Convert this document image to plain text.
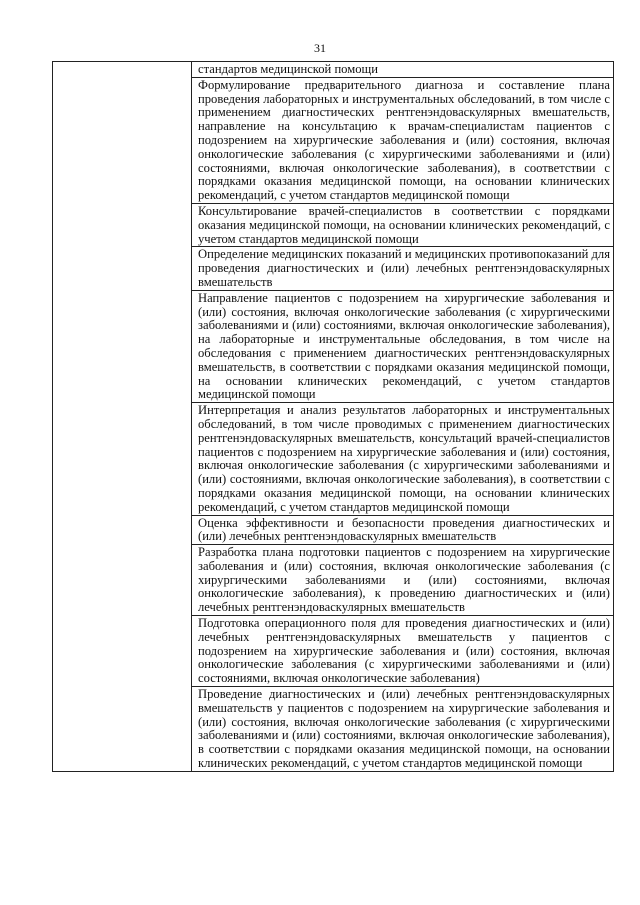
31
	стандартов медицинской помощи
Формулирование предварительного диагноза и составление плана проведения лабораторных и инструментальных обследований, в том числе с применением диагностических рентгенэндоваскулярных вмешательств, направление на консультацию к врачам-специалистам пациентов с подозрением на хирургические заболевания и (или) состояния, включая онкологические заболевания (с хирургическими заболеваниями и (или) состояниями, включая онкологические заболевания), в соответствии с порядками оказания медицинской помощи, на основании клинических рекомендаций, с учетом стандартов медицинской помощи
Консультирование врачей-специалистов в соответствии с порядками оказания медицинской помощи, на основании клинических рекомендаций, с учетом стандартов медицинской помощи
Определение медицинских показаний и медицинских противопоказаний для проведения диагностических и (или) лечебных рентгенэндоваскулярных вмешательств
Направление пациентов с подозрением на хирургические заболевания и (или) состояния, включая онкологические заболевания (с хирургическими заболеваниями и (или) состояниями, включая онкологические заболевания), на лабораторные и инструментальные обследования, в том числе на обследования с применением диагностических рентгенэндоваскулярных вмешательств, в соответствии с порядками оказания медицинской помощи, на основании клинических рекомендаций, с учетом стандартов медицинской помощи
Интерпретация и анализ результатов лабораторных и инструментальных обследований, в том числе проводимых с применением диагностических рентгенэндоваскулярных вмешательств, консультаций врачей-специалистов пациентов с подозрением на хирургические заболевания и (или) состояния, включая онкологические заболевания (с хирургическими заболеваниями и (или) состояниями, включая онкологические заболевания), в соответствии с порядками оказания медицинской помощи, на основании клинических рекомендаций, с учетом стандартов медицинской помощи
Оценка эффективности и безопасности проведения диагностических и (или) лечебных рентгенэндоваскулярных вмешательств
Разработка плана подготовки пациентов с подозрением на хирургические заболевания и (или) состояния, включая онкологические заболевания (с хирургическими заболеваниями и (или) состояниями, включая онкологические заболевания), к проведению диагностических и (или) лечебных рентгенэндоваскулярных вмешательств
Подготовка операционного поля для проведения диагностических и (или) лечебных рентгенэндоваскулярных вмешательств у пациентов с подозрением на хирургические заболевания и (или) состояния, включая онкологические заболевания (с хирургическими заболеваниями и (или) состояниями, включая онкологические заболевания)
Проведение диагностических и (или) лечебных рентгенэндоваскулярных вмешательств у пациентов с подозрением на хирургические заболевания и (или) состояния, включая онкологические заболевания (с хирургическими заболеваниями и (или) состояниями, включая онкологические заболевания), в соответствии с порядками оказания медицинской помощи, на основании клинических рекомендаций, с учетом стандартов медицинской помощи
